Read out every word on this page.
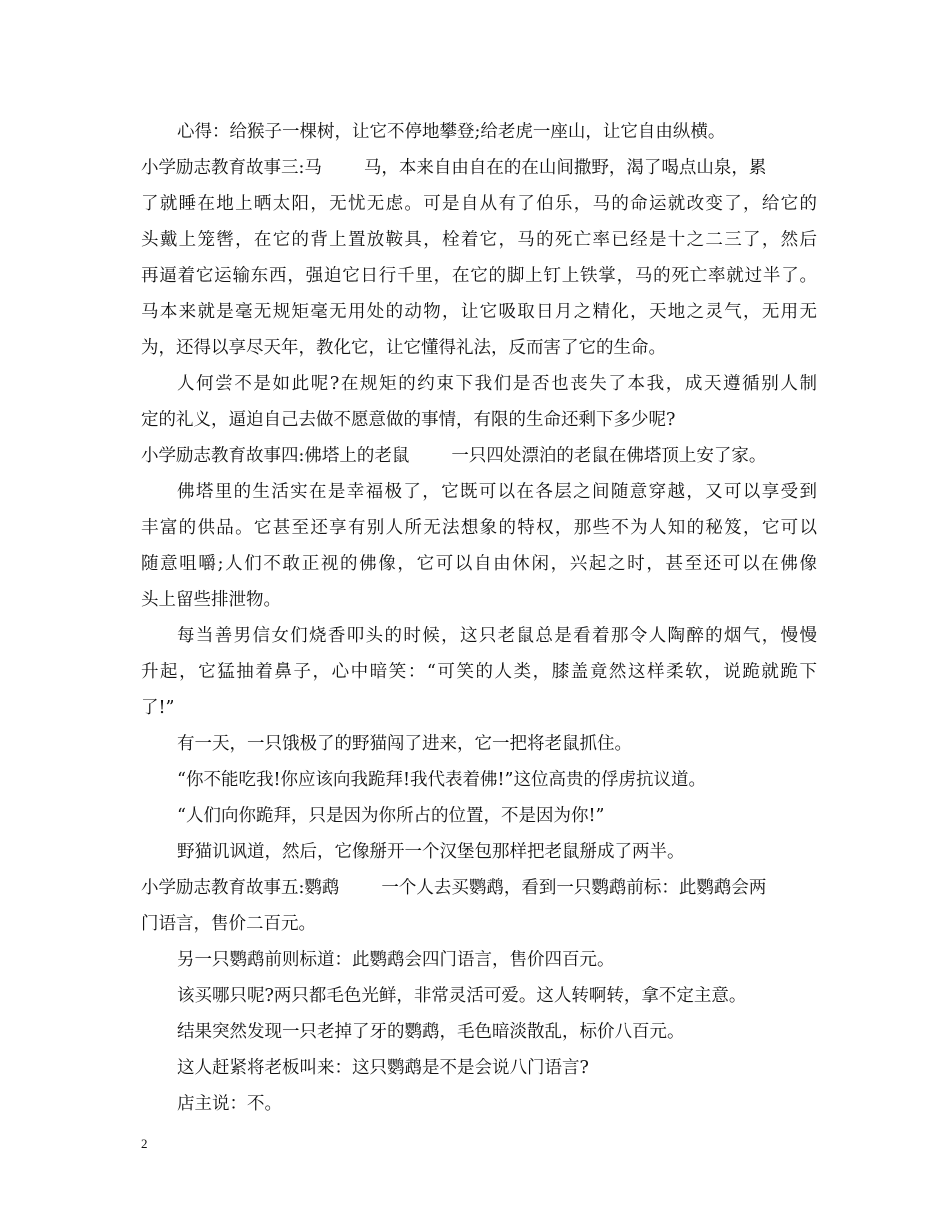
心得：给猴子一棵树，让它不停地攀登;给老虎一座山，让它自由纵横。
小学励志教育故事三:马 马，本来自由自在的在山间撒野，渴了喝点山泉，累
了就睡在地上晒太阳，无忧无虑。可是自从有了伯乐，马的命运就改变了，给它的
头戴上笼辔，在它的背上置放鞍具，栓着它，马的死亡率已经是十之二三了，然后
再逼着它运输东西，强迫它日行千里，在它的脚上钉上铁掌，马的死亡率就过半了。
马本来就是毫无规矩毫无用处的动物，让它吸取日月之精化，天地之灵气，无用无
为，还得以享尽天年，教化它，让它懂得礼法，反而害了它的生命。
人何尝不是如此呢?在规矩的约束下我们是否也丧失了本我，成天遵循别人制
定的礼义，逼迫自己去做不愿意做的事情，有限的生命还剩下多少呢?
小学励志教育故事四:佛塔上的老鼠 一只四处漂泊的老鼠在佛塔顶上安了家。
佛塔里的生活实在是幸福极了，它既可以在各层之间随意穿越，又可以享受到
丰富的供品。它甚至还享有别人所无法想象的特权，那些不为人知的秘笈，它可以
随意咀嚼;人们不敢正视的佛像，它可以自由休闲，兴起之时，甚至还可以在佛像
头上留些排泄物。
每当善男信女们烧香叩头的时候，这只老鼠总是看着那令人陶醉的烟气，慢慢
升起，它猛抽着鼻子，心中暗笑：“可笑的人类，膝盖竟然这样柔软，说跪就跪下
了!”
有一天，一只饿极了的野猫闯了进来，它一把将老鼠抓住。
“你不能吃我!你应该向我跪拜!我代表着佛!”这位高贵的俘虏抗议道。
“人们向你跪拜，只是因为你所占的位置，不是因为你!”
野猫讥讽道，然后，它像掰开一个汉堡包那样把老鼠掰成了两半。
小学励志教育故事五:鹦鹉 一个人去买鹦鹉，看到一只鹦鹉前标：此鹦鹉会两
门语言，售价二百元。
另一只鹦鹉前则标道：此鹦鹉会四门语言，售价四百元。
该买哪只呢?两只都毛色光鲜，非常灵活可爱。这人转啊转，拿不定主意。
结果突然发现一只老掉了牙的鹦鹉，毛色暗淡散乱，标价八百元。
这人赶紧将老板叫来：这只鹦鹉是不是会说八门语言?
店主说：不。
2
